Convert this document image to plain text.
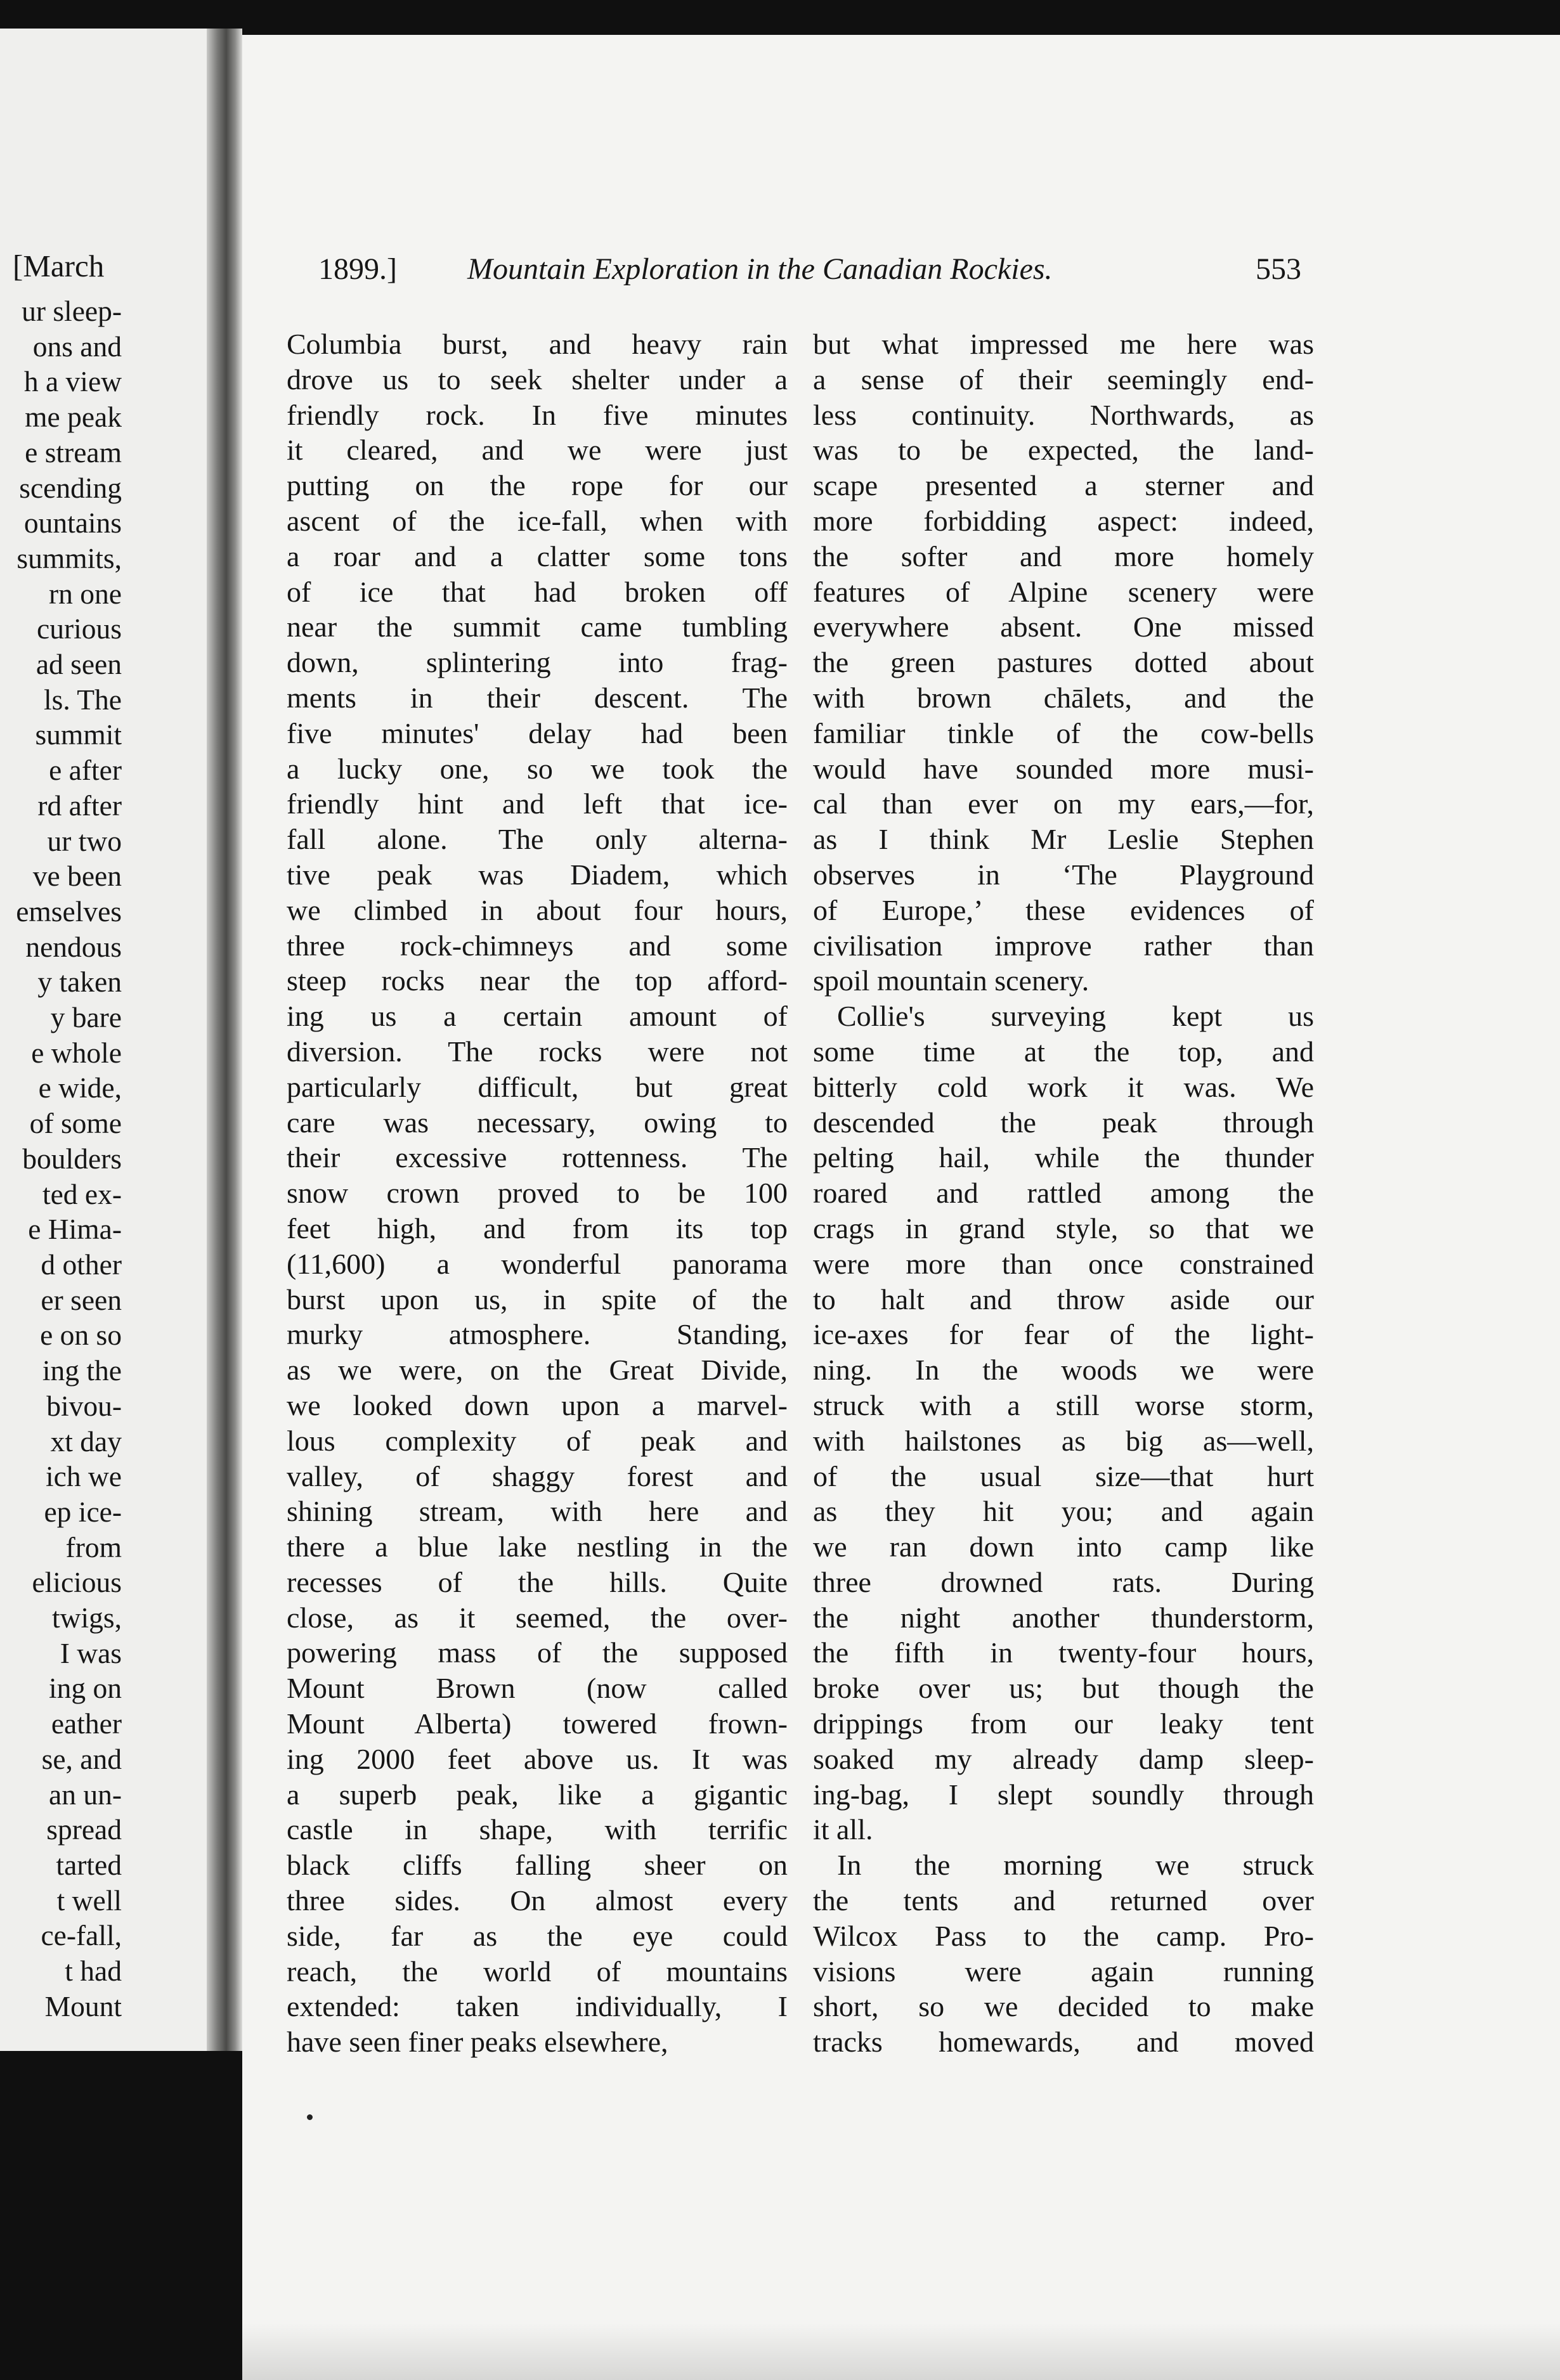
[March
ur sleep-
ons and
h a view
me peak
e stream
scending
ountains
summits,
rn one
curious
ad seen
ls. The
summit
e after
rd after
ur two
ve been
emselves
nendous
y taken
y bare
e whole
e wide,
of some
boulders
ted ex-
e Hima-
d other
er seen
e on so
ing the
bivou-
xt day
ich we
ep ice-
from
elicious
twigs,
I was
ing on
eather
se, and
an un-
spread
tarted
t well
ce-fall,
t had
Mount
1899.] Mountain Exploration in the Canadian Rockies.	553
Columbia burst, and heavy rain
drove us to seek shelter under a
friendly rock. In five minutes
it cleared, and we were just
putting on the rope for our
ascent of the ice-fall, when with
a roar and a clatter some tons
of ice that had broken off
near the summit came tumbling
down, splintering into frag-
ments in their descent. The
five minutes' delay had been
a lucky one, so we took the
friendly hint and left that ice-
fall alone. The only alterna-
tive peak was Diadem, which
we climbed in about four hours,
three rock-chimneys and some
steep rocks near the top afford-
ing us a certain amount of
diversion. The rocks were not
particularly difficult, but great
care was necessary, owing to
their excessive rottenness. The
snow crown proved to be 100
feet high, and from its top
(11,600) a wonderful panorama
burst upon us, in spite of the
murky atmosphere. Standing,
as we were, on the Great Divide,
we looked down upon a marvel-
lous complexity of peak and
valley, of shaggy forest and
shining stream, with here and
there a blue lake nestling in the
recesses of the hills. Quite
close, as it seemed, the over-
powering mass of the supposed
Mount Brown (now called
Mount Alberta) towered frown-
ing 2000 feet above us. It was
a superb peak, like a gigantic
castle in shape, with terrific
black cliffs falling sheer on
three sides. On almost every
side, far as the eye could
reach, the world of mountains
extended: taken individually, I
have seen finer peaks elsewhere,
but what impressed me here was
a sense of their seemingly end-
less continuity. Northwards, as
was to be expected, the land-
scape presented a sterner and
more forbidding aspect: indeed,
the softer and more homely
features of Alpine scenery were
everywhere absent. One missed
the green pastures dotted about
with brown chālets, and the
familiar tinkle of the cow-bells
would have sounded more musi-
cal than ever on my ears,—for,
as I think Mr Leslie Stephen
observes in ‘The Playground
of Europe,’ these evidences of
civilisation improve rather than
spoil mountain scenery.
Collie's surveying kept us
some time at the top, and
bitterly cold work it was. We
descended the peak through
pelting hail, while the thunder
roared and rattled among the
crags in grand style, so that we
were more than once constrained
to halt and throw aside our
ice-axes for fear of the light-
ning. In the woods we were
struck with a still worse storm,
with hailstones as big as—well,
of the usual size—that hurt
as they hit you; and again
we ran down into camp like
three drowned rats. During
the night another thunderstorm,
the fifth in twenty-four hours,
broke over us; but though the
drippings from our leaky tent
soaked my already damp sleep-
ing-bag, I slept soundly through
it all.
In the morning we struck
the tents and returned over
Wilcox Pass to the camp. Pro-
visions were again running
short, so we decided to make
tracks homewards, and moved
